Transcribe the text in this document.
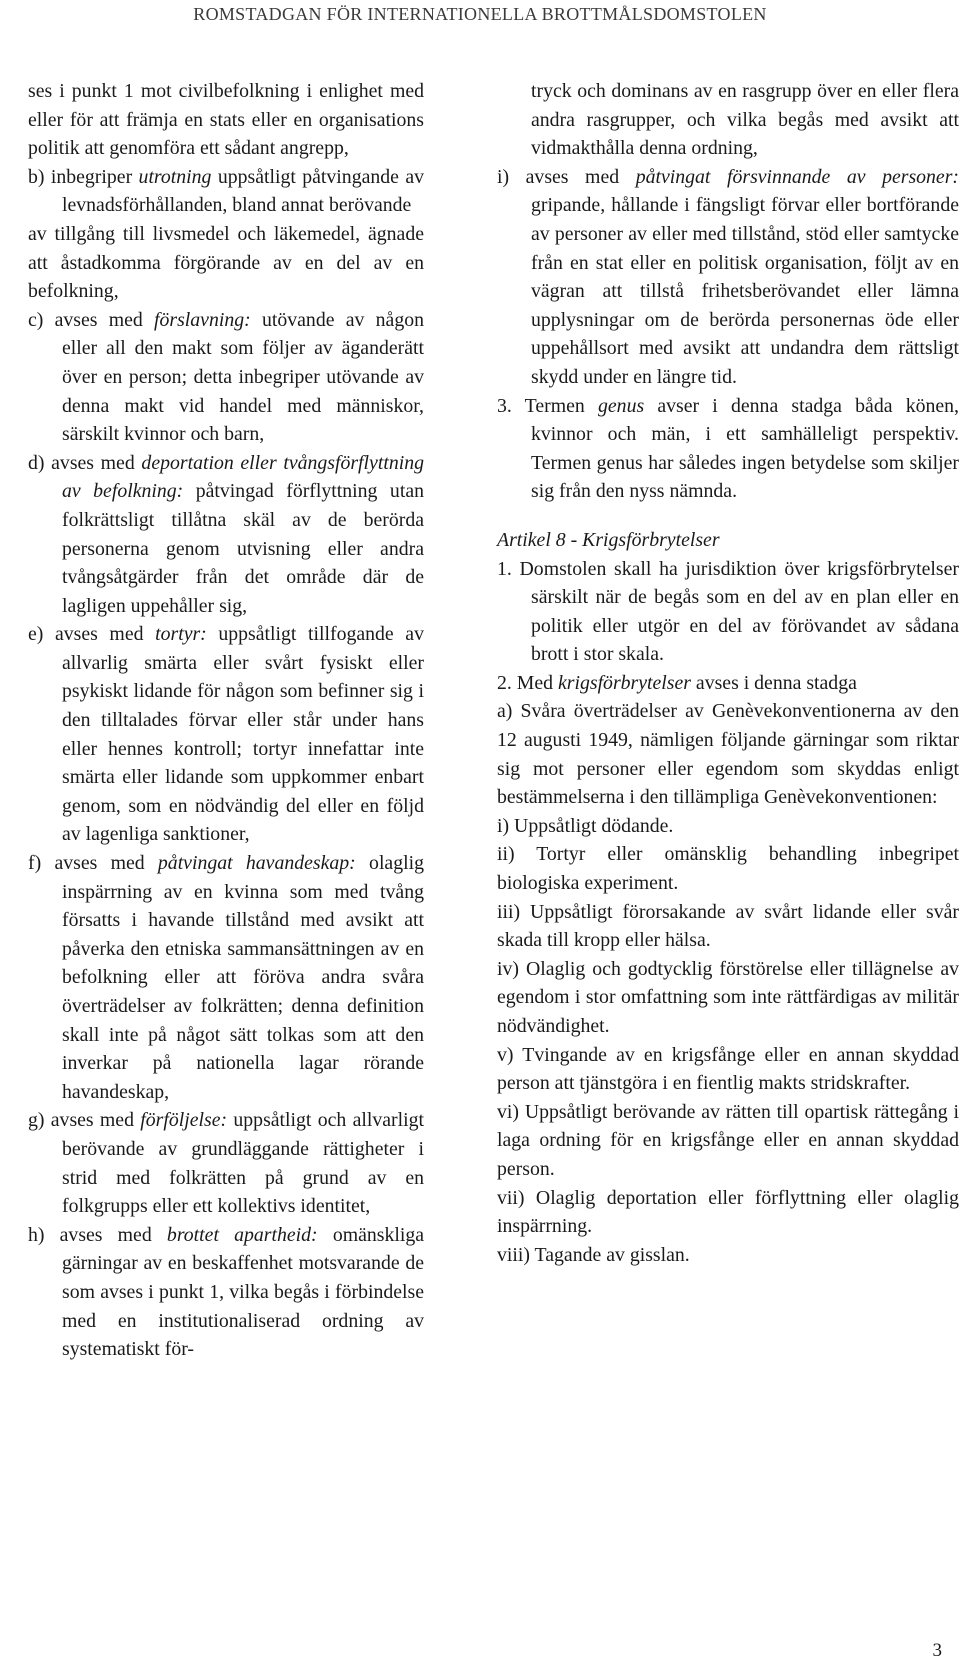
ROMSTADGAN FÖR INTERNATIONELLA BROTTMÅLSDOMSTOLEN

ses i punkt 1 mot civilbefolkning i enlighet med eller för att främja en stats eller en organisations politik att genomföra ett sådant angrepp,

b) inbegriper utrotning uppsåtligt påtvingande av levnadsförhållanden, bland annat berövande

av tillgång till livsmedel och läkemedel, ägnade att åstadkomma förgörande av en del av en befolkning,

c) avses med förslavning: utövande av någon eller all den makt som följer av äganderätt över en person; detta inbegriper utövande av denna makt vid handel med människor, särskilt kvinnor och barn,

d) avses med deportation eller tvångsförflyttning av befolkning: påtvingad förflyttning utan folkrättsligt tillåtna skäl av de berörda personerna genom utvisning eller andra tvångsåtgärder från det område där de lagligen uppehåller sig,

e) avses med tortyr: uppsåtligt tillfogande av allvarlig smärta eller svårt fysiskt eller psykiskt lidande för någon som befinner sig i den tilltalades förvar eller står under hans eller hennes kontroll; tortyr innefattar inte smärta eller lidande som uppkommer enbart genom, som en nödvändig del eller en följd av lagenliga sanktioner,

f) avses med påtvingat havandeskap: olaglig inspärrning av en kvinna som med tvång försatts i havande tillstånd med avsikt att påverka den etniska sammansättningen av en befolkning eller att föröva andra svåra överträdelser av folkrätten; denna definition skall inte på något sätt tolkas som att den inverkar på nationella lagar rörande havandeskap,

g) avses med förföljelse: uppsåtligt och allvarligt berövande av grundläggande rättigheter i strid med folkrätten på grund av en folkgrupps eller ett kollektivs identitet,

h) avses med brottet apartheid: omänskliga gärningar av en beskaffenhet motsvarande de som avses i punkt 1, vilka begås i förbindelse med en institutionaliserad ordning av systematiskt för-

tryck och dominans av en rasgrupp över en eller flera andra rasgrupper, och vilka begås med avsikt att vidmakthålla denna ordning,

i) avses med påtvingat försvinnande av personer: gripande, hållande i fängsligt förvar eller bortförande av personer av eller med tillstånd, stöd eller samtycke från en stat eller en politisk organisation, följt av en vägran att tillstå frihetsberövandet eller lämna upplysningar om de berörda personernas öde eller uppehållsort med avsikt att undandra dem rättsligt skydd under en längre tid.

3. Termen genus avser i denna stadga båda könen, kvinnor och män, i ett samhälleligt perspektiv. Termen genus har således ingen betydelse som skiljer sig från den nyss nämnda.

Artikel 8 - Krigsförbrytelser

1. Domstolen skall ha jurisdiktion över krigsförbrytelser särskilt när de begås som en del av en plan eller en politik eller utgör en del av förövandet av sådana brott i stor skala.

2. Med krigsförbrytelser avses i denna stadga

a) Svåra överträdelser av Genèvekonventionerna av den 12 augusti 1949, nämligen följande gärningar som riktar sig mot personer eller egendom som skyddas enligt bestämmelserna i den tillämpliga Genèvekonventionen:

i) Uppsåtligt dödande.

ii) Tortyr eller omänsklig behandling inbegripet biologiska experiment.

iii) Uppsåtligt förorsakande av svårt lidande eller svår skada till kropp eller hälsa.

iv) Olaglig och godtycklig förstörelse eller tillägnelse av egendom i stor omfattning som inte rättfärdigas av militär nödvändighet.

v) Tvingande av en krigsfånge eller en annan skyddad person att tjänstgöra i en fientlig makts stridskrafter.

vi) Uppsåtligt berövande av rätten till opartisk rättegång i laga ordning för en krigsfånge eller en annan skyddad person.

vii) Olaglig deportation eller förflyttning eller olaglig inspärrning.

viii) Tagande av gisslan.

3
